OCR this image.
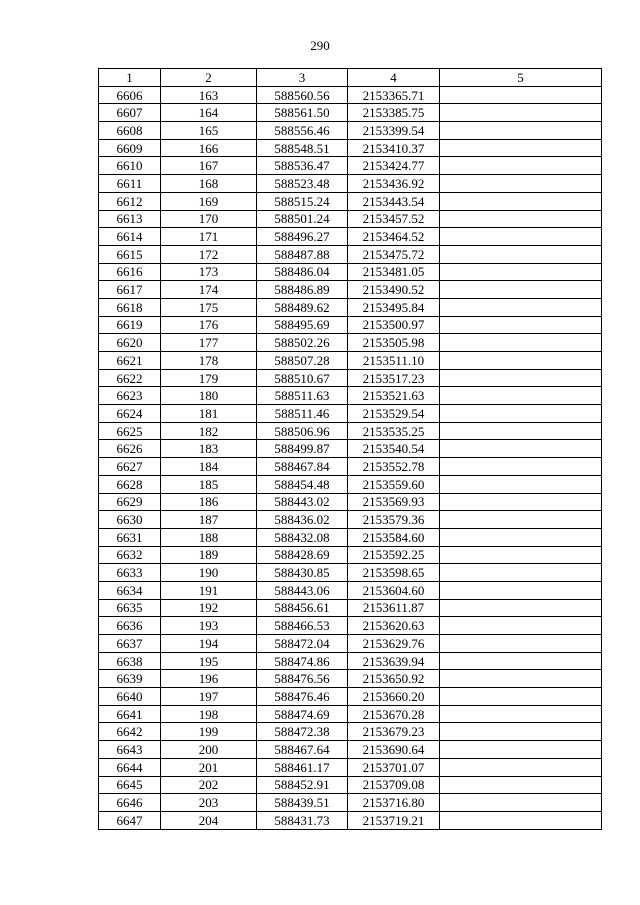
290
1	2	3	4	5
6606	163	588560.56	2153365.71	
6607	164	588561.50	2153385.75	
6608	165	588556.46	2153399.54	
6609	166	588548.51	2153410.37	
6610	167	588536.47	2153424.77	
6611	168	588523.48	2153436.92	
6612	169	588515.24	2153443.54	
6613	170	588501.24	2153457.52	
6614	171	588496.27	2153464.52	
6615	172	588487.88	2153475.72	
6616	173	588486.04	2153481.05	
6617	174	588486.89	2153490.52	
6618	175	588489.62	2153495.84	
6619	176	588495.69	2153500.97	
6620	177	588502.26	2153505.98	
6621	178	588507.28	2153511.10	
6622	179	588510.67	2153517.23	
6623	180	588511.63	2153521.63	
6624	181	588511.46	2153529.54	
6625	182	588506.96	2153535.25	
6626	183	588499.87	2153540.54	
6627	184	588467.84	2153552.78	
6628	185	588454.48	2153559.60	
6629	186	588443.02	2153569.93	
6630	187	588436.02	2153579.36	
6631	188	588432.08	2153584.60	
6632	189	588428.69	2153592.25	
6633	190	588430.85	2153598.65	
6634	191	588443.06	2153604.60	
6635	192	588456.61	2153611.87	
6636	193	588466.53	2153620.63	
6637	194	588472.04	2153629.76	
6638	195	588474.86	2153639.94	
6639	196	588476.56	2153650.92	
6640	197	588476.46	2153660.20	
6641	198	588474.69	2153670.28	
6642	199	588472.38	2153679.23	
6643	200	588467.64	2153690.64	
6644	201	588461.17	2153701.07	
6645	202	588452.91	2153709.08	
6646	203	588439.51	2153716.80	
6647	204	588431.73	2153719.21	
